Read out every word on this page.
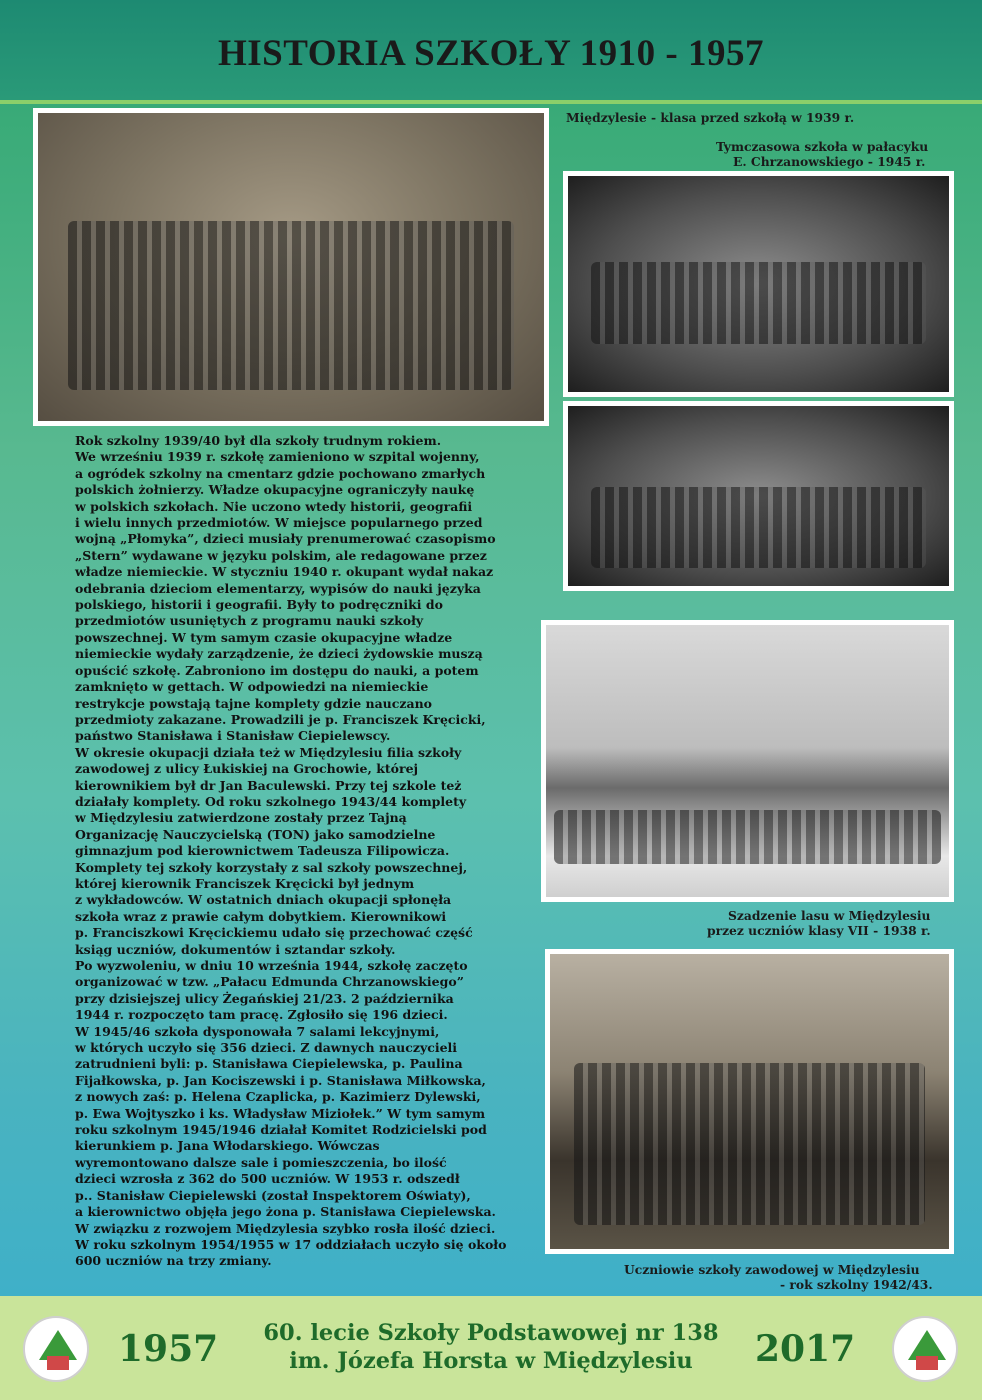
HISTORIA SZKOŁY 1910 - 1957
Międzylesie - klasa przed szkołą w 1939 r.
Tymczasowa szkoła w pałacyku
E. Chrzanowskiego - 1945 r.
Szadzenie lasu w Międzylesiu
przez uczniów klasy VII - 1938 r.
Uczniowie szkoły zawodowej w Międzylesiu
- rok szkolny 1942/43.
Rok szkolny 1939/40 był dla szkoły trudnym rokiem.
We wrześniu 1939 r. szkołę zamieniono w szpital wojenny,
a ogródek szkolny na cmentarz gdzie pochowano zmarłych
polskich żołnierzy. Władze okupacyjne ograniczyły naukę
w polskich szkołach. Nie uczono wtedy historii, geografii
i wielu innych przedmiotów. W miejsce popularnego przed
wojną „Płomyka”, dzieci musiały prenumerować czasopismo
„Stern” wydawane w języku polskim, ale redagowane przez
władze niemieckie. W styczniu 1940 r. okupant wydał nakaz
odebrania dzieciom elementarzy, wypisów do nauki języka
polskiego, historii i geografii. Były to podręczniki do
przedmiotów usuniętych z programu nauki szkoły
powszechnej. W tym samym czasie okupacyjne władze
niemieckie wydały zarządzenie, że dzieci żydowskie muszą
opuścić szkołę. Zabroniono im dostępu do nauki, a potem
zamknięto w gettach. W odpowiedzi na niemieckie
restrykcje powstają tajne komplety gdzie nauczano
przedmioty zakazane. Prowadzili je p. Franciszek Kręcicki,
państwo Stanisława i Stanisław Ciepielewscy.
W okresie okupacji działa też w Międzylesiu filia szkoły
zawodowej z ulicy Łukiskiej na Grochowie, której
kierownikiem był dr Jan Baculewski. Przy tej szkole też
działały komplety. Od roku szkolnego 1943/44 komplety
w Międzylesiu zatwierdzone zostały przez Tajną
Organizację Nauczycielską (TON) jako samodzielne
gimnazjum pod kierownictwem Tadeusza Filipowicza.
Komplety tej szkoły korzystały z sal szkoły powszechnej,
której kierownik Franciszek Kręcicki był jednym
z wykładowców. W ostatnich dniach okupacji spłonęła
szkoła wraz z prawie całym dobytkiem. Kierownikowi
p. Franciszkowi Kręcickiemu udało się przechować część
ksiąg uczniów, dokumentów i sztandar szkoły.
Po wyzwoleniu, w dniu 10 września 1944, szkołę zaczęto
organizować w tzw. „Pałacu Edmunda Chrzanowskiego”
przy dzisiejszej ulicy Żegańskiej 21/23. 2 października
1944 r. rozpoczęto tam pracę. Zgłosiło się 196 dzieci.
W 1945/46 szkoła dysponowała 7 salami lekcyjnymi,
w których uczyło się 356 dzieci. Z dawnych nauczycieli
zatrudnieni byli: p. Stanisława Ciepielewska, p. Paulina
Fijałkowska, p. Jan Kociszewski i p. Stanisława Miłkowska,
z nowych zaś: p. Helena Czaplicka, p. Kazimierz Dylewski,
p. Ewa Wojtyszko i ks. Władysław Miziołek.” W tym samym
roku szkolnym 1945/1946 działał Komitet Rodzicielski pod
kierunkiem p. Jana Włodarskiego. Wówczas
wyremontowano dalsze sale i pomieszczenia, bo ilość
dzieci wzrosła z 362 do 500 uczniów. W 1953 r. odszedł
p.. Stanisław Ciepielewski (został Inspektorem Oświaty),
a kierownictwo objęła jego żona p. Stanisława Ciepielewska.
W związku z rozwojem Międzylesia szybko rosła ilość dzieci.
W roku szkolnym 1954/1955 w 17 oddziałach uczyło się około
600 uczniów na trzy zmiany.
1957	2017
60. lecie Szkoły Podstawowej nr 138
im. Józefa Horsta w Międzylesiu
